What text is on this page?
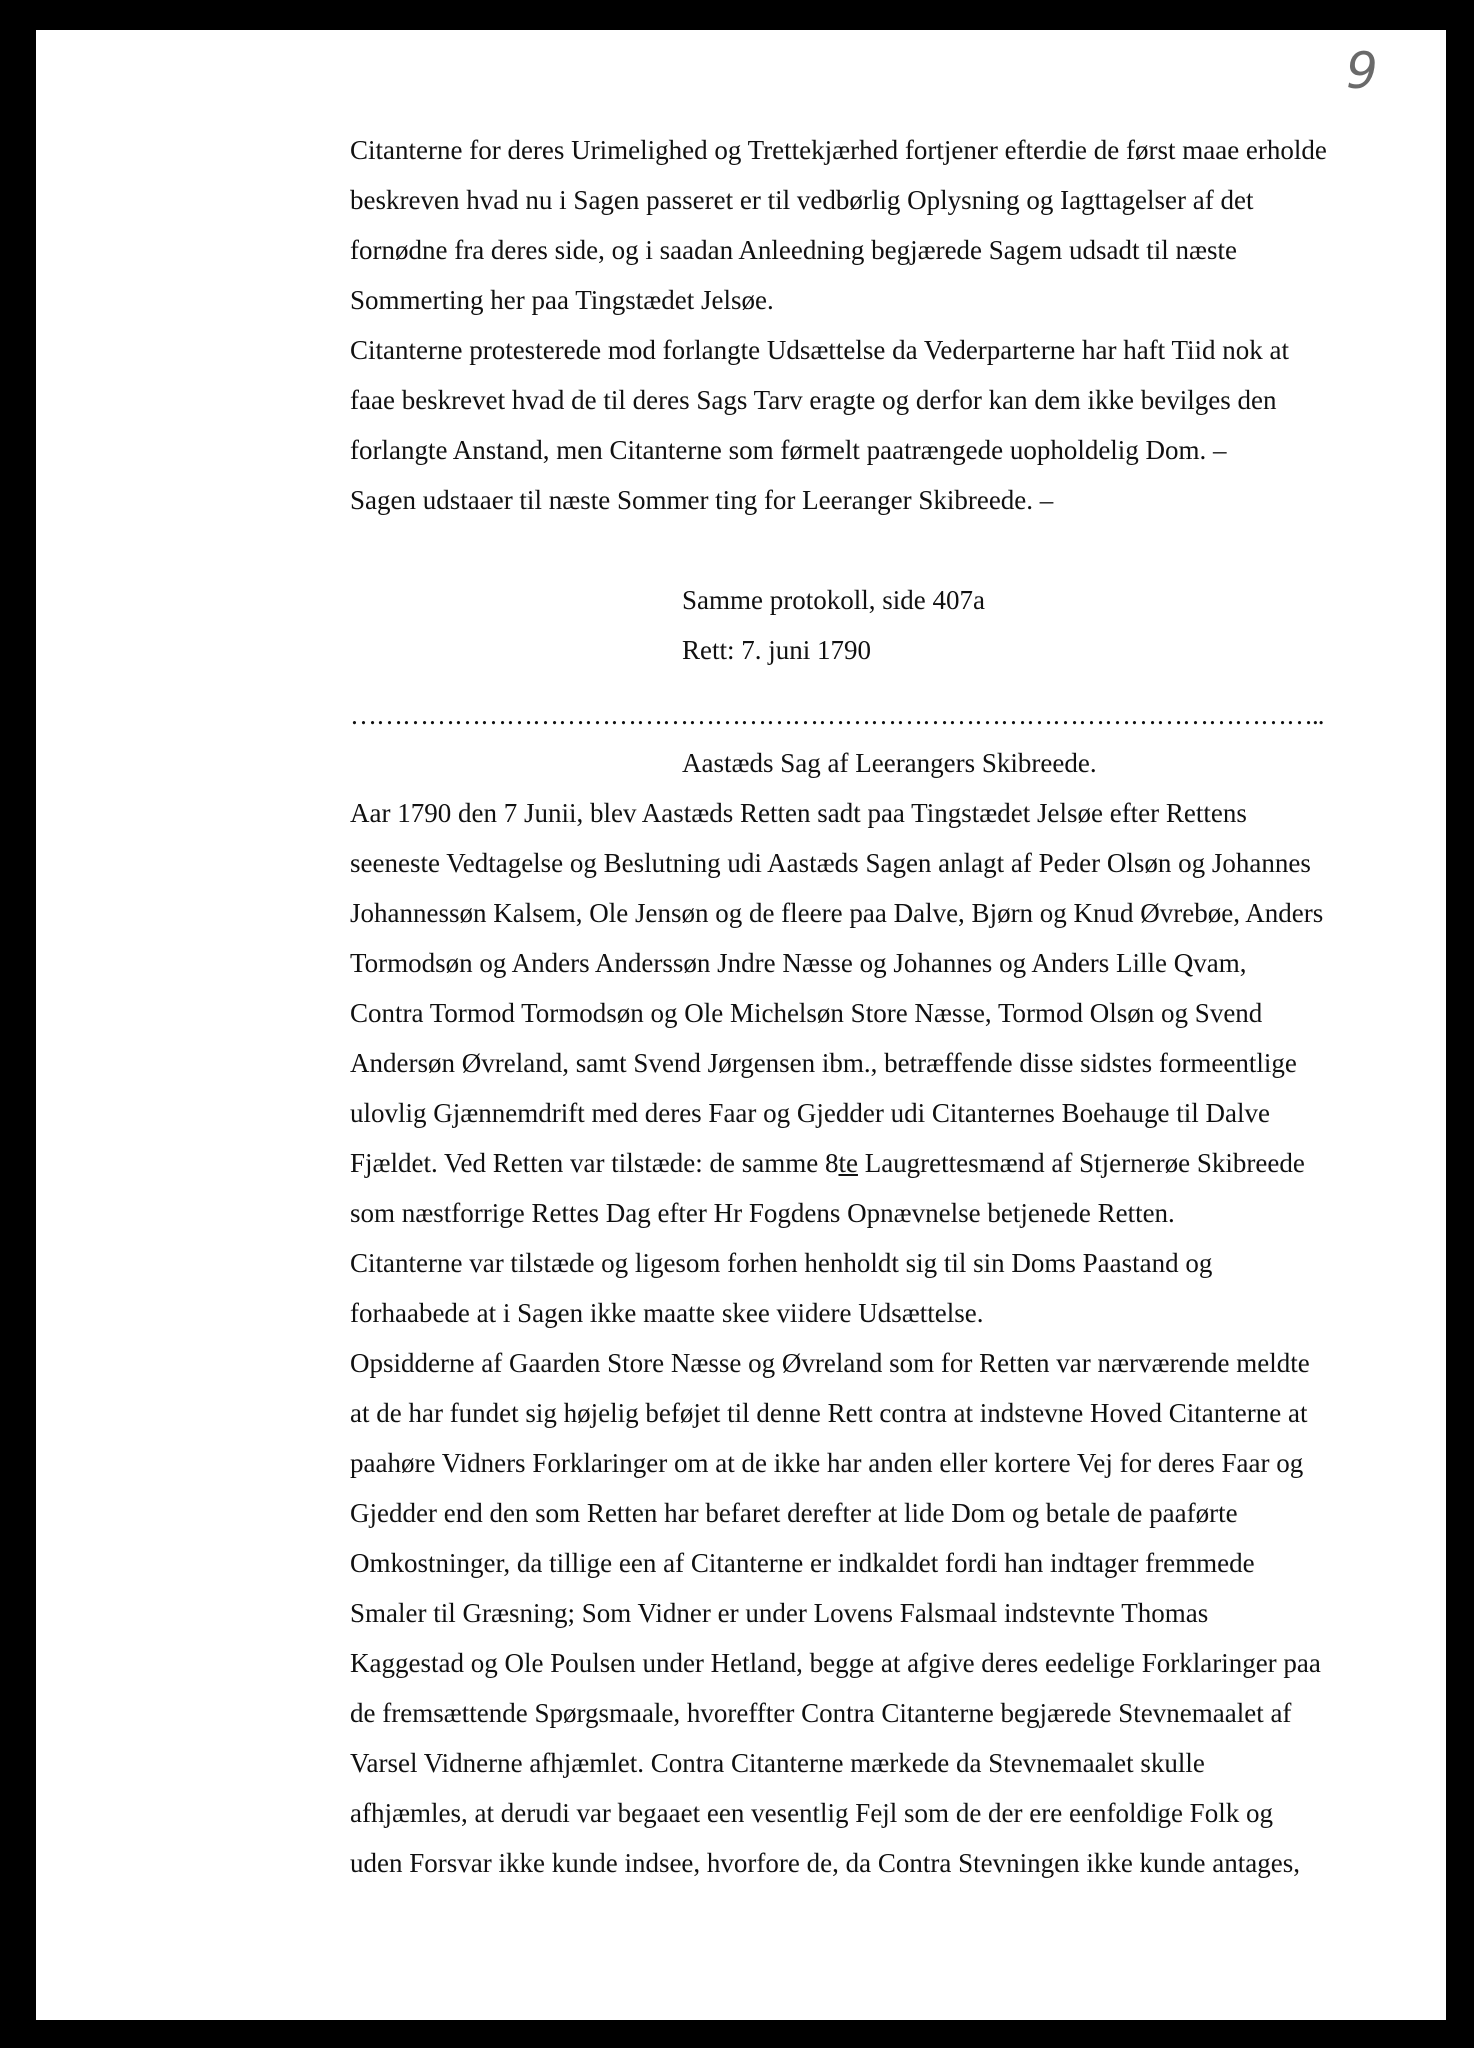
9
Citanterne for deres Urimelighed og Trettekjærhed fortjener efterdie de først maae erholde
beskreven hvad nu i Sagen passeret er til vedbørlig Oplysning og Iagttagelser af det
fornødne fra deres side, og i saadan Anleedning begjærede Sagem udsadt til næste
Sommerting her paa Tingstædet Jelsøe.
Citanterne protesterede mod forlangte Udsættelse da Vederparterne har haft Tiid nok at
faae beskrevet hvad de til deres Sags Tarv eragte og derfor kan dem ikke bevilges den
forlangte Anstand, men Citanterne som førmelt paatrængede uopholdelig Dom. –
Sagen udstaaer til næste Sommer ting for Leeranger Skibreede. –
Samme protokoll, side 407a
Rett: 7. juni 1790
…………………………………………………………………………………………………..
Aastæds Sag af Leerangers Skibreede.
Aar 1790 den 7 Junii, blev Aastæds Retten sadt paa Tingstædet Jelsøe efter Rettens
seeneste Vedtagelse og Beslutning udi Aastæds Sagen anlagt af Peder Olsøn og Johannes
Johannessøn Kalsem, Ole Jensøn og de fleere paa Dalve, Bjørn og Knud Øvrebøe, Anders
Tormodsøn og Anders Anderssøn Jndre Næsse og Johannes og Anders Lille Qvam,
Contra Tormod Tormodsøn og Ole Michelsøn Store Næsse, Tormod Olsøn og Svend
Andersøn Øvreland, samt Svend Jørgensen ibm., betræffende disse sidstes formeentlige
ulovlig Gjænnemdrift med deres Faar og Gjedder udi Citanternes Boehauge til Dalve
Fjældet. Ved Retten var tilstæde: de samme 8te Laugrettesmænd af Stjernerøe Skibreede
som næstforrige Rettes Dag efter Hr Fogdens Opnævnelse betjenede Retten.
Citanterne var tilstæde og ligesom forhen henholdt sig til sin Doms Paastand og
forhaabede at i Sagen ikke maatte skee viidere Udsættelse.
Opsidderne af Gaarden Store Næsse og Øvreland som for Retten var nærværende meldte
at de har fundet sig højelig beføjet til denne Rett contra at indstevne Hoved Citanterne at
paahøre Vidners Forklaringer om at de ikke har anden eller kortere Vej for deres Faar og
Gjedder end den som Retten har befaret derefter at lide Dom og betale de paaførte
Omkostninger, da tillige een af Citanterne er indkaldet fordi han indtager fremmede
Smaler til Græsning; Som Vidner er under Lovens Falsmaal indstevnte Thomas
Kaggestad og Ole Poulsen under Hetland, begge at afgive deres eedelige Forklaringer paa
de fremsættende Spørgsmaale, hvoreffter Contra Citanterne begjærede Stevnemaalet af
Varsel Vidnerne afhjæmlet. Contra Citanterne mærkede da Stevnemaalet skulle
afhjæmles, at derudi var begaaet een vesentlig Fejl som de der ere eenfoldige Folk og
uden Forsvar ikke kunde indsee, hvorfore de, da Contra Stevningen ikke kunde antages,
